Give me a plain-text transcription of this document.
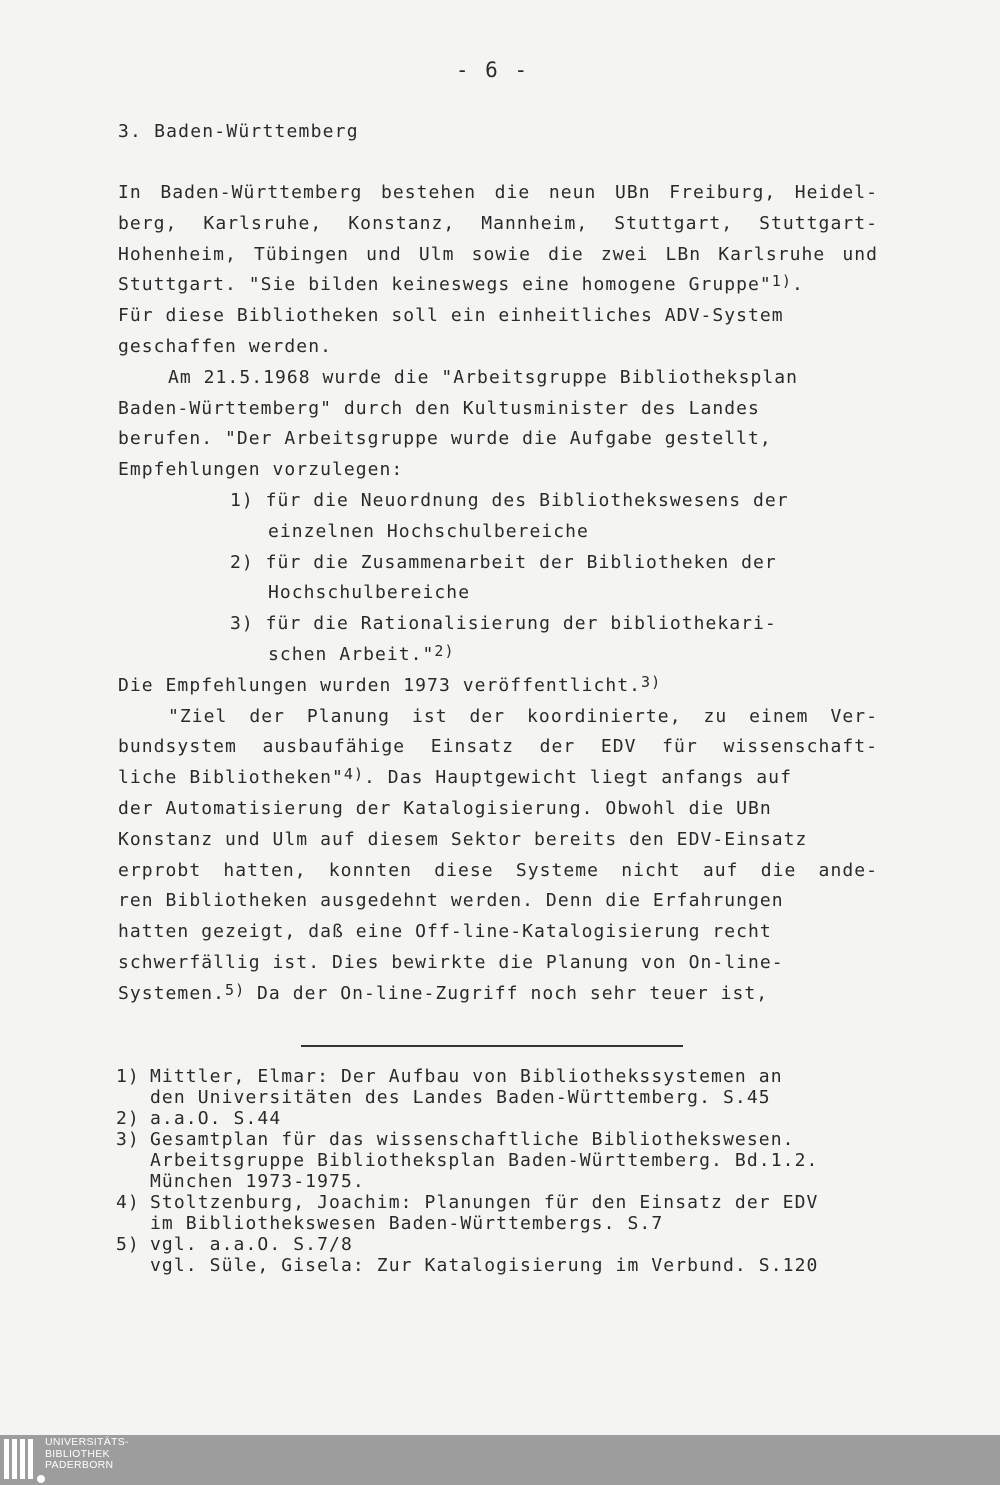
- 6 -
3. Baden-Württemberg
In Baden-Württemberg bestehen die neun UBn Freiburg, Heidel-
berg, Karlsruhe, Konstanz, Mannheim, Stuttgart, Stuttgart-
Hohenheim, Tübingen und Ulm sowie die zwei LBn Karlsruhe und
Stuttgart. "Sie bilden keineswegs eine homogene Gruppe"$^{1)}$.
Für diese Bibliotheken soll ein einheitliches ADV-System
geschaffen werden.
Am 21.5.1968 wurde die "Arbeitsgruppe Bibliotheksplan
Baden-Württemberg" durch den Kultusminister des Landes
berufen. "Der Arbeitsgruppe wurde die Aufgabe gestellt,
Empfehlungen vorzulegen:
1) für die Neuordnung des Bibliothekswesens der
einzelnen Hochschulbereiche
2) für die Zusammenarbeit der Bibliotheken der
Hochschulbereiche
3) für die Rationalisierung der bibliothekari-
schen Arbeit."$^{2)}$
Die Empfehlungen wurden 1973 veröffentlicht.$^{3)}$
"Ziel der Planung ist der koordinierte, zu einem Ver-
bundsystem ausbaufähige Einsatz der EDV für wissenschaft-
liche Bibliotheken"$^{4)}$. Das Hauptgewicht liegt anfangs auf
der Automatisierung der Katalogisierung. Obwohl die UBn
Konstanz und Ulm auf diesem Sektor bereits den EDV-Einsatz
erprobt hatten, konnten diese Systeme nicht auf die ande-
ren Bibliotheken ausgedehnt werden. Denn die Erfahrungen
hatten gezeigt, daß eine Off-line-Katalogisierung recht
schwerfällig ist. Dies bewirkte die Planung von On-line-
Systemen.$^{5)}$ Da der On-line-Zugriff noch sehr teuer ist,
1) Mittler, Elmar: Der Aufbau von Bibliothekssystemen an
den Universitäten des Landes Baden-Württemberg. S.45
2) a.a.O. S.44
3) Gesamtplan für das wissenschaftliche Bibliothekswesen.
Arbeitsgruppe Bibliotheksplan Baden-Württemberg. Bd.1.2.
München 1973-1975.
4) Stoltzenburg, Joachim: Planungen für den Einsatz der EDV
im Bibliothekswesen Baden-Württembergs. S.7
5) vgl. a.a.O. S.7/8
vgl. Süle, Gisela: Zur Katalogisierung im Verbund. S.120
UNIVERSITÄTS-
BIBLIOTHEK
PADERBORN
